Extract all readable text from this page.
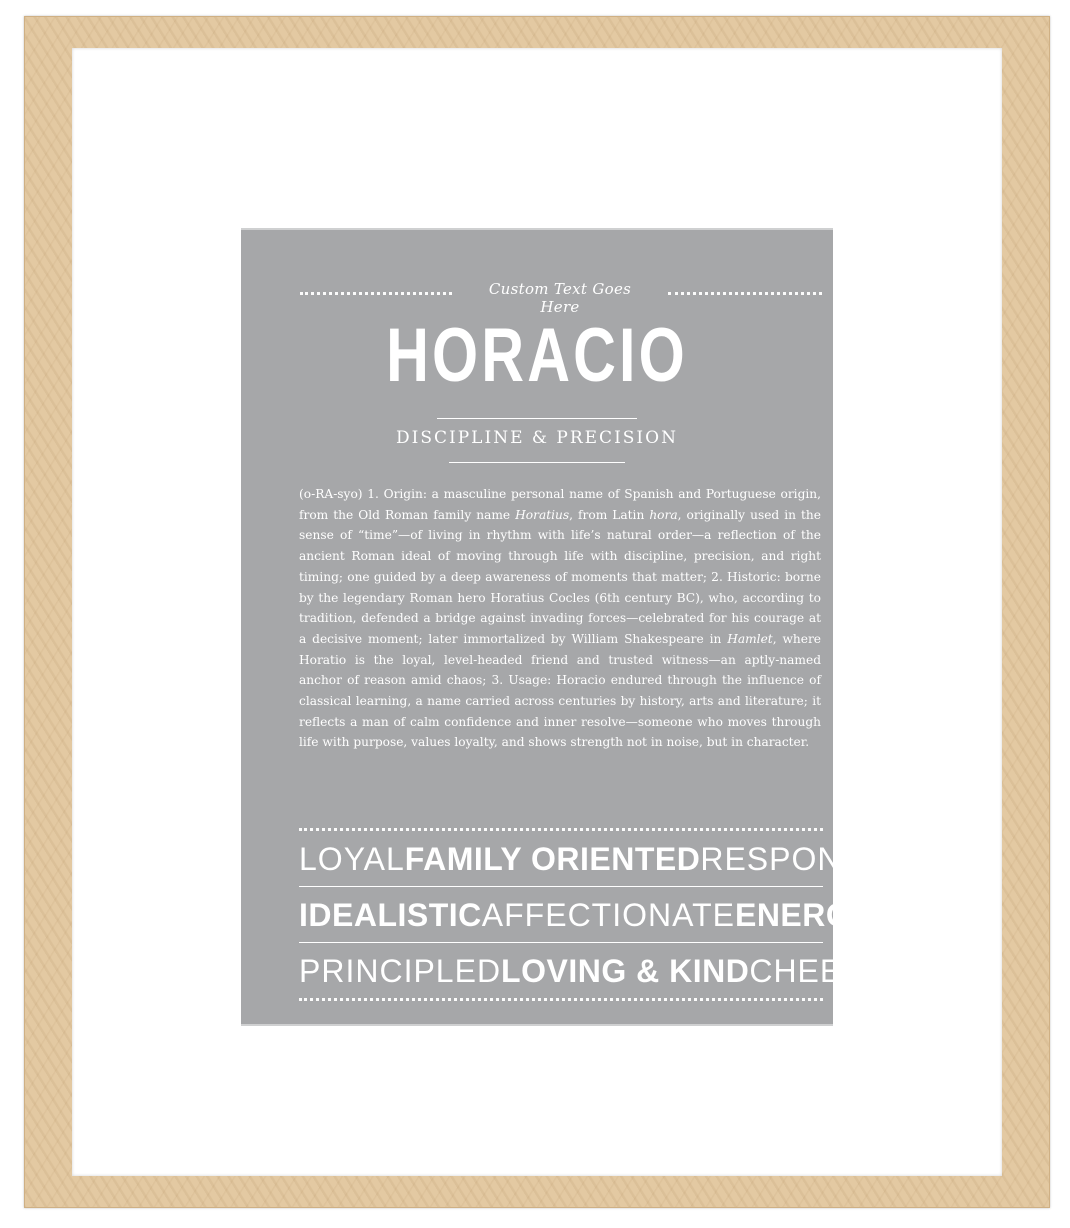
Custom Text Goes Here
HORACIO
DISCIPLINE & PRECISION
(o-RA-syo) 1. Origin: a masculine personal name of Spanish and Portuguese origin, from the Old Roman family name Horatius, from Latin hora, originally used in the sense of “time”—of living in rhythm with life’s natural order—a reflection of the ancient Roman ideal of moving through life with discipline, precision, and right timing; one guided by a deep awareness of moments that matter; 2. Historic: borne by the legendary Roman hero Horatius Cocles (6th century BC), who, according to tradition, defended a bridge against invading forces—celebrated for his courage at a decisive moment; later immortalized by William Shakespeare in Hamlet, where Horatio is the loyal, level-headed friend and trusted witness—an aptly-named anchor of reason amid chaos; 3. Usage: Horacio endured through the influence of classical learning, a name carried across centuries by history, arts and literature; it reflects a man of calm confidence and inner resolve—someone who moves through life with purpose, values loyalty, and shows strength not in noise, but in character.
LOYAL FAMILY ORIENTED RESPONSIBLE
IDEALISTIC AFFECTIONATE ENERGETIC
PRINCIPLED LOVING & KIND CHEERFUL
